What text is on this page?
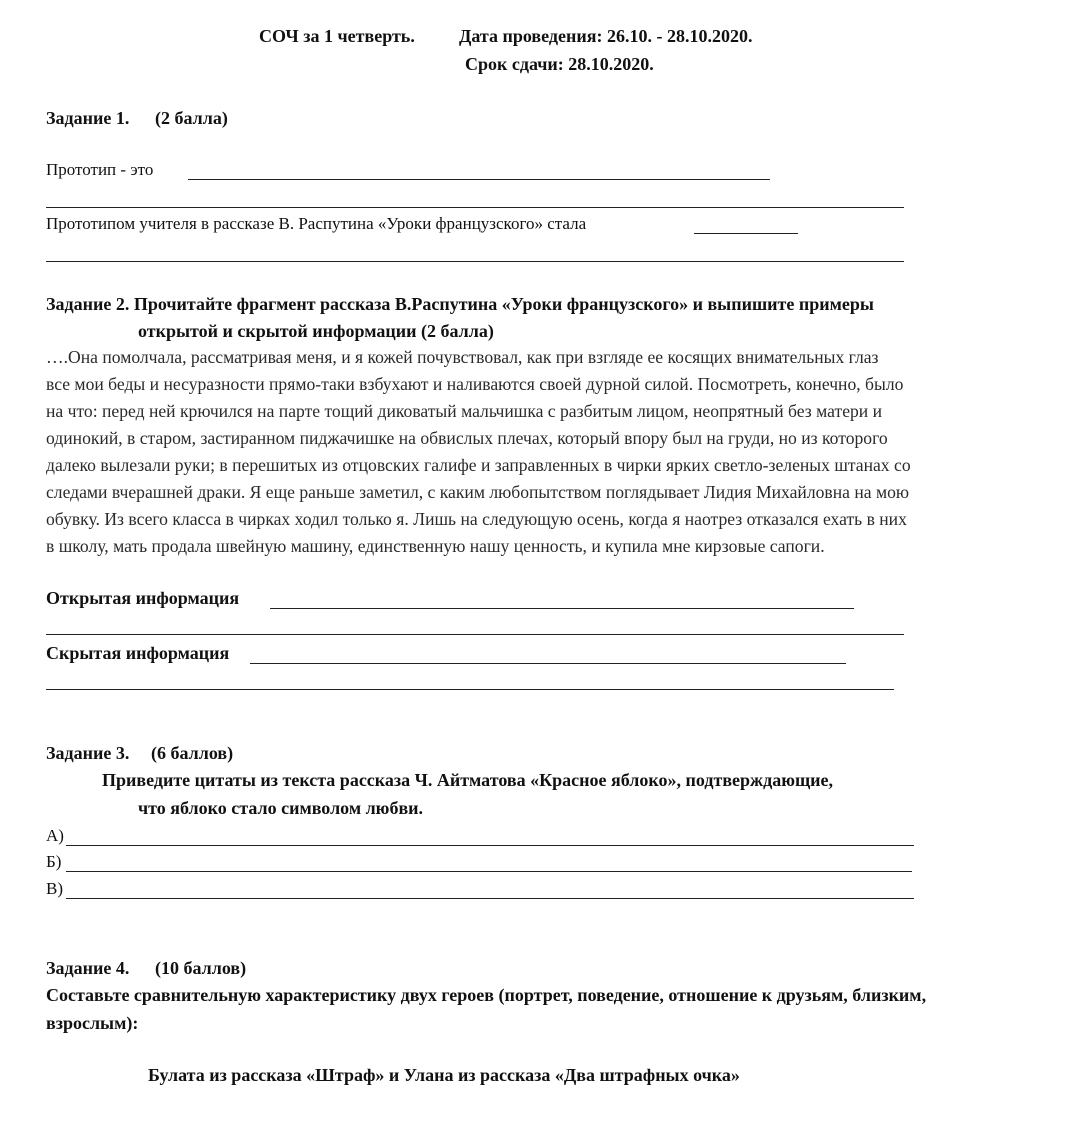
СОЧ за 1 четверть. Дата проведения: 26.10. - 28.10.2020.
Срок сдачи: 28.10.2020.
Задание 1. (2 балла)
Прототип - это
Прототипом учителя в рассказе В. Распутина «Уроки французского» стала
Задание 2. Прочитайте фрагмент рассказа В.Распутина «Уроки французского» и выпишите примеры
открытой и скрытой информации (2 балла)
….Она помолчала, рассматривая меня, и я кожей почувствовал, как при взгляде ее косящих внимательных глаз
все мои беды и несуразности прямо-таки взбухают и наливаются своей дурной силой. Посмотреть, конечно, было
на что: перед ней крючился на парте тощий диковатый мальчишка с разбитым лицом, неопрятный без матери и
одинокий, в старом, застиранном пиджачишке на обвислых плечах, который впору был на груди, но из которого
далеко вылезали руки; в перешитых из отцовских галифе и заправленных в чирки ярких светло-зеленых штанах со
следами вчерашней драки. Я еще раньше заметил, с каким любопытством поглядывает Лидия Михайловна на мою
обувку. Из всего класса в чирках ходил только я. Лишь на следующую осень, когда я наотрез отказался ехать в них
в школу, мать продала швейную машину, единственную нашу ценность, и купила мне кирзовые сапоги.
Открытая информация
Скрытая информация
Задание 3. (6 баллов)
Приведите цитаты из текста рассказа Ч. Айтматова «Красное яблоко», подтверждающие,
что яблоко стало символом любви.
А)
Б)
В)
Задание 4. (10 баллов)
Составьте сравнительную характеристику двух героев (портрет, поведение, отношение к друзьям, близким,
взрослым):
Булата из рассказа «Штраф» и Улана из рассказа «Два штрафных очка»
